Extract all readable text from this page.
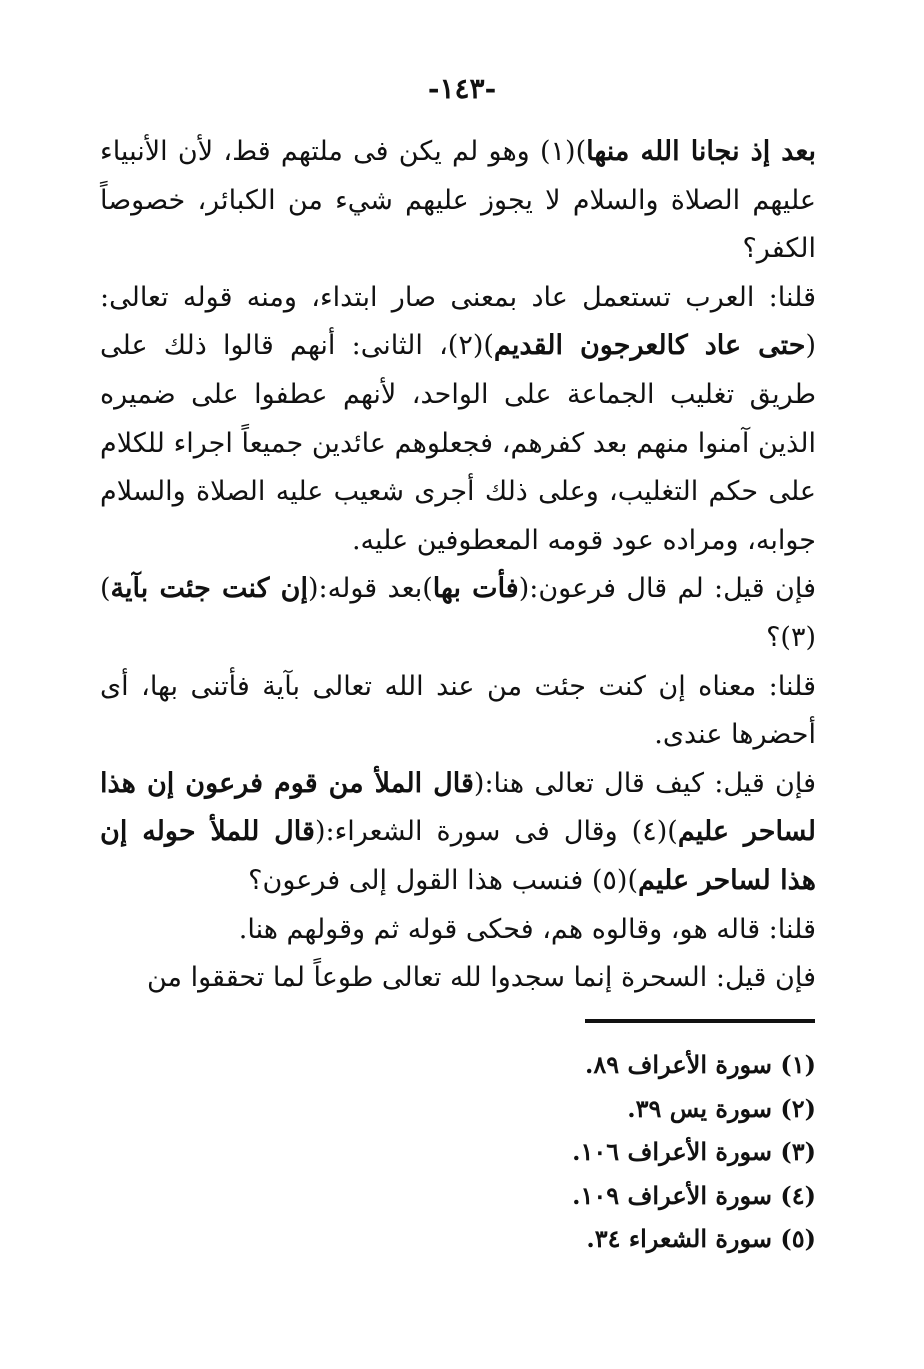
-١٤٣-

بعد إذ نجانا الله منها)(١) وهو لم يكن فى ملتهم قط، لأن الأنبياء عليهم الصلاة والسلام لا يجوز عليهم شيء من الكبائر، خصوصاً الكفر؟

قلنا: العرب تستعمل عاد بمعنى صار ابتداء، ومنه قوله تعالى:(حتى عاد كالعرجون القديم)(٢)، الثانى: أنهم قالوا ذلك على طريق تغليب الجماعة على الواحد، لأنهم عطفوا على ضميره الذين آمنوا منهم بعد كفرهم، فجعلوهم عائدين جميعاً اجراء للكلام على حكم التغليب، وعلى ذلك أجرى شعيب عليه الصلاة والسلام جوابه، ومراده عود قومه المعطوفين عليه.

فإن قيل: لم قال فرعون:(فأت بها)بعد قوله:(إن كنت جئت بآية)(٣)؟

قلنا: معناه إن كنت جئت من عند الله تعالى بآية فأتنى بها، أى أحضرها عندى.

فإن قيل: كيف قال تعالى هنا:(قال الملأ من قوم فرعون إن هذا لساحر عليم)(٤) وقال فى سورة الشعراء:(قال للملأ حوله إن هذا لساحر عليم)(٥) فنسب هذا القول إلى فرعون؟

قلنا: قاله هو، وقالوه هم، فحكى قوله ثم وقولهم هنا.

فإن قيل: السحرة إنما سجدوا لله تعالى طوعاً لما تحققوا من

(١) سورة الأعراف ٨٩.
(٢) سورة يس ٣٩.
(٣) سورة الأعراف ١٠٦.
(٤) سورة الأعراف ١٠٩.
(٥) سورة الشعراء ٣٤.
